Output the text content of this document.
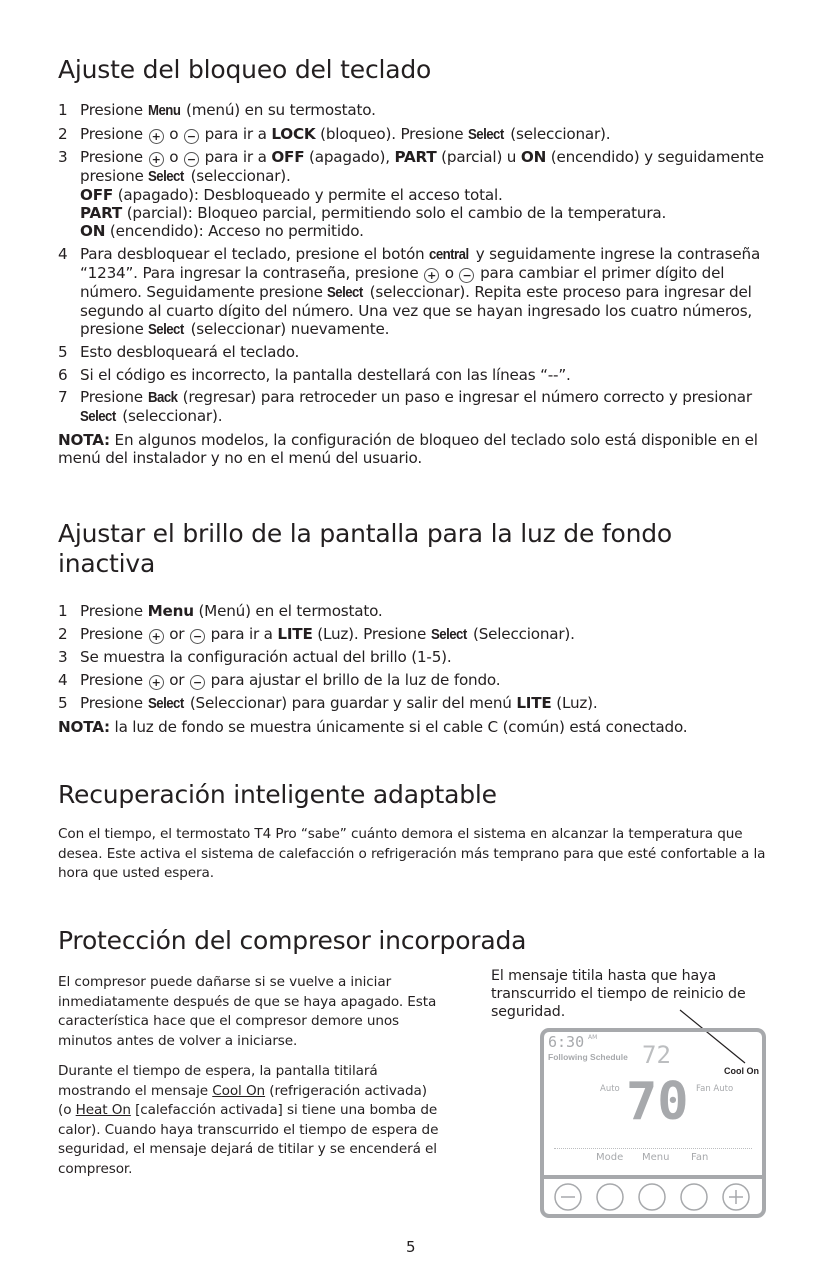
Ajuste del bloqueo del teclado
1 Presione Menu (menú) en su termostato.
2 Presione + o − para ir a LOCK (bloqueo). Presione Select (seleccionar).
3 Presione + o − para ir a OFF (apagado), PART (parcial) u ON (encendido) y seguidamente presione Select (seleccionar).
OFF (apagado): Desbloqueado y permite el acceso total.
PART (parcial): Bloqueo parcial, permitiendo solo el cambio de la temperatura.
ON (encendido): Acceso no permitido.
4 Para desbloquear el teclado, presione el botón central y seguidamente ingrese la contraseña “1234”. Para ingresar la contraseña, presione + o − para cambiar el primer dígito del número. Seguidamente presione Select (seleccionar). Repita este proceso para ingresar del segundo al cuarto dígito del número. Una vez que se hayan ingresado los cuatro números, presione Select (seleccionar) nuevamente.
5 Esto desbloqueará el teclado.
6 Si el código es incorrecto, la pantalla destellará con las líneas “--”.
7 Presione Back (regresar) para retroceder un paso e ingresar el número correcto y presionar Select (seleccionar).
NOTA: En algunos modelos, la configuración de bloqueo del teclado solo está disponible en el menú del instalador y no en el menú del usuario.
Ajustar el brillo de la pantalla para la luz de fondo inactiva
1 Presione Menu (Menú) en el termostato.
2 Presione + or − para ir a LITE (Luz). Presione Select (Seleccionar).
3 Se muestra la configuración actual del brillo (1-5).
4 Presione + or − para ajustar el brillo de la luz de fondo.
5 Presione Select (Seleccionar) para guardar y salir del menú LITE (Luz).
NOTA: la luz de fondo se muestra únicamente si el cable C (común) está conectado.
Recuperación inteligente adaptable
Con el tiempo, el termostato T4 Pro “sabe” cuánto demora el sistema en alcanzar la temperatura que desea. Este activa el sistema de calefacción o refrigeración más temprano para que esté confortable a la hora que usted espera.
Protección del compresor incorporada
El compresor puede dañarse si se vuelve a iniciar inmediatamente después de que se haya apagado. Esta característica hace que el compresor demore unos minutos antes de volver a iniciarse.
Durante el tiempo de espera, la pantalla titilará mostrando el mensaje Cool On (refrigeración activada) (o Heat On [calefacción activada] si tiene una bomba de calor). Cuando haya transcurrido el tiempo de espera de seguridad, el mensaje dejará de titilar y se encenderá el compresor.
El mensaje titila hasta que haya transcurrido el tiempo de reinicio de seguridad.
6:30 AM
Following Schedule 72
70
Auto	Fan Auto
Cool On
Mode Menu Fan
5
